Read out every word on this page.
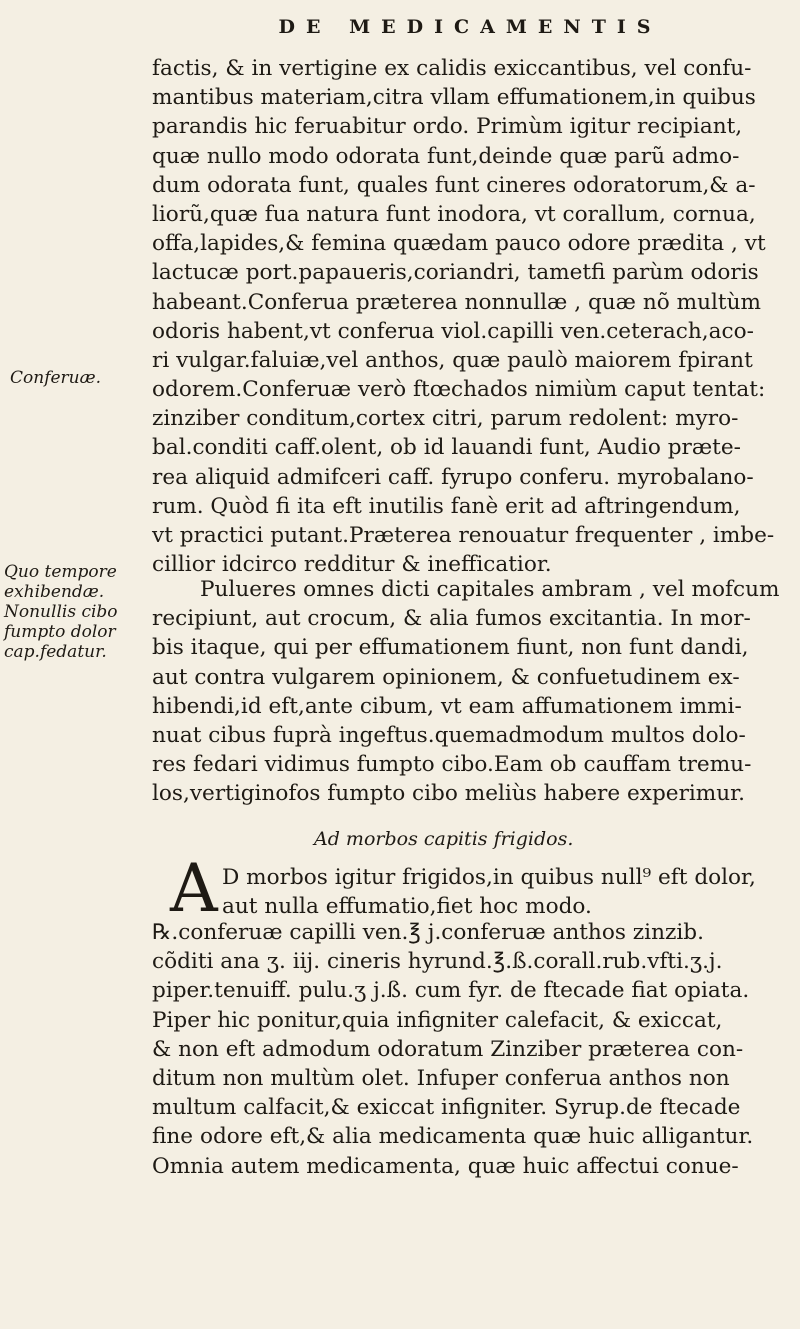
DE MEDICAMENTIS
factis, & in vertigine ex calidis exiccantibus, vel confu-
mantibus materiam,citra vllam effumationem,in quibus
parandis hic feruabitur ordo. Primùm igitur recipiant,
quæ nullo modo odorata funt,deinde quæ parũ admo-
dum odorata funt, quales funt cineres odoratorum,& a-
liorũ,quæ fua natura funt inodora, vt corallum, cornua,
offa,lapides,& femina quædam pauco odore prædita , vt
lactucæ port.papaueris,coriandri, tametfi parùm odoris
habeant.Conferua præterea nonnullæ , quæ nõ multùm
odoris habent,vt conferua viol.capilli ven.ceterach,aco-
ri vulgar.faluiæ,vel anthos, quæ paulò maiorem fpirant
odorem.Conferuæ verò ftœchados nimiùm caput tentat:
zinziber conditum,cortex citri, parum redolent: myro-
bal.conditi caff.olent, ob id lauandi funt, Audio præte-
rea aliquid admifceri caff. fyrupo conferu. myrobalano-
rum. Quòd fi ita eft inutilis fanè erit ad aftringendum,
vt practici putant.Præterea renouatur frequenter , imbe-
cillior idcirco redditur & inefficatior.
Conferuæ.
Quo tempore
exhibendæ.
Nonullis cibo
fumpto dolor
cap.fedatur.
Pulueres omnes dicti capitales ambram , vel mofcum
recipiunt, aut crocum, & alia fumos excitantia. In mor-
bis itaque, qui per effumationem fiunt, non funt dandi,
aut contra vulgarem opinionem, & confuetudinem ex-
hibendi,id eft,ante cibum, vt eam affumationem immi-
nuat cibus fuprà ingeftus.quemadmodum multos dolo-
res fedari vidimus fumpto cibo.Eam ob cauffam tremu-
los,vertiginofos fumpto cibo meliùs habere experimur.
Ad morbos capitis frigidos.
A D morbos igitur frigidos,in quibus null⁹ eft dolor,
aut nulla effumatio,fiet hoc modo.
℞.conferuæ capilli ven.℥ j.conferuæ anthos zinzib.
cõditi ana ʒ. iij. cineris hyrund.℥.ß.corall.rub.vfti.ʒ.j.
piper.tenuiff. pulu.ʒ j.ß. cum fyr. de ftecade fiat opiata.
Piper hic ponitur,quia infigniter calefacit, & exiccat,
& non eft admodum odoratum Zinziber præterea con-
ditum non multùm olet. Infuper conferua anthos non
multum calfacit,& exiccat infigniter. Syrup.de ftecade
fine odore eft,& alia medicamenta quæ huic alligantur.
Omnia autem medicamenta, quæ huic affectui conue-
